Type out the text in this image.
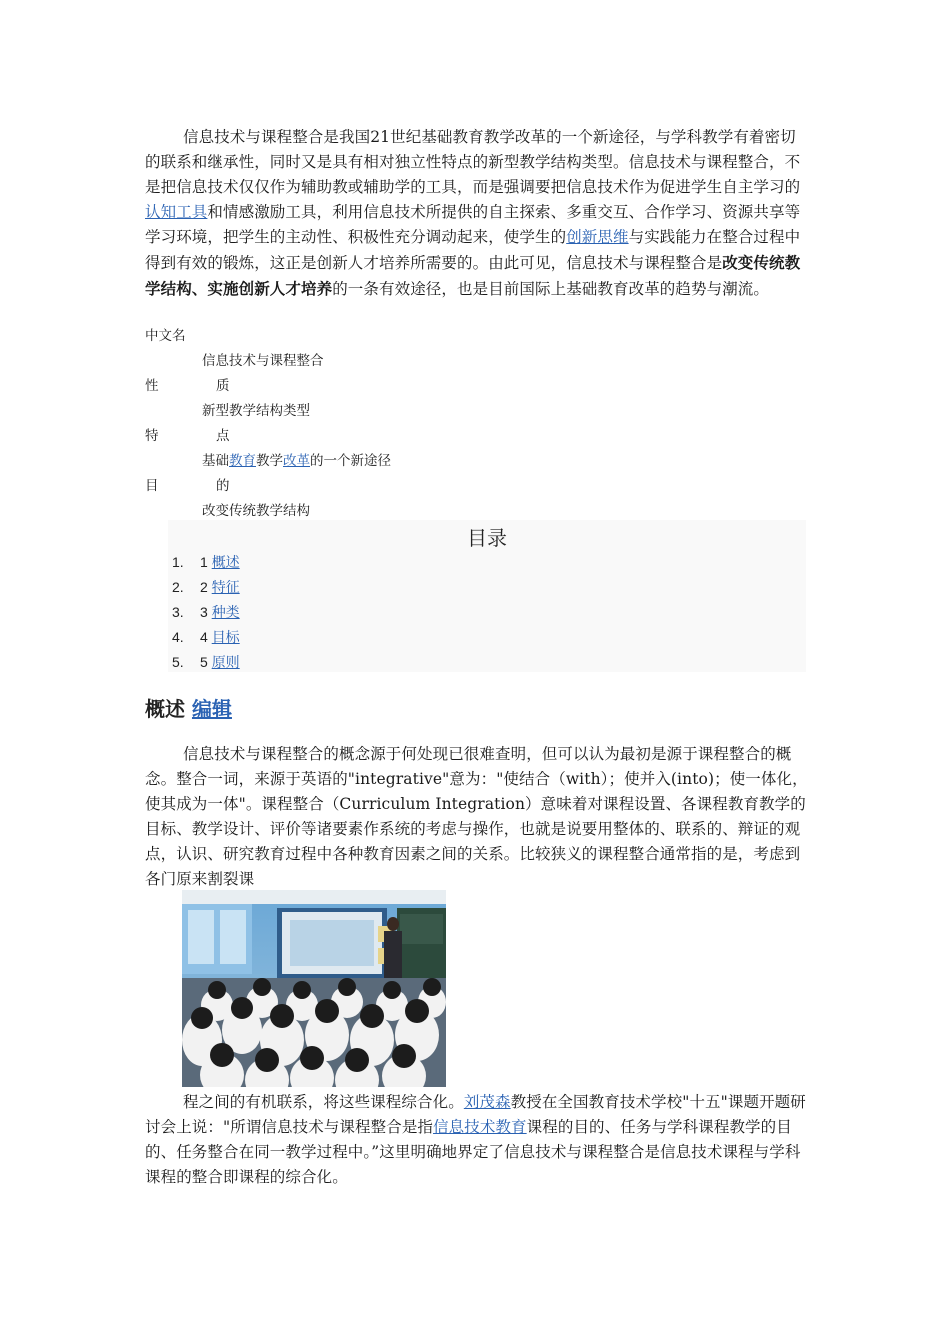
信息技术与课程整合是我国21世纪基础教育教学改革的一个新途径，与学科教学有着密切的联系和继承性，同时又是具有相对独立性特点的新型教学结构类型。信息技术与课程整合，不是把信息技术仅仅作为辅助教或辅助学的工具，而是强调要把信息技术作为促进学生自主学习的认知工具和情感激励工具，利用信息技术所提供的自主探索、多重交互、合作学习、资源共享等学习环境，把学生的主动性、积极性充分调动起来，使学生的创新思维与实践能力在整合过程中得到有效的锻炼，这正是创新人才培养所需要的。由此可见，信息技术与课程整合是改变传统教学结构、实施创新人才培养的一条有效途径，也是目前国际上基础教育改革的趋势与潮流。

中文名
信息技术与课程整合
性	质
新型教学结构类型
特	点
基础教育教学改革的一个新途径
目	的
改变传统教学结构
目录
1. 1 概述
2. 2 特征
3. 3 种类
4. 4 目标
5. 5 原则
概述 编辑

信息技术与课程整合的概念源于何处现已很难查明，但可以认为最初是源于课程整合的概念。整合一词，来源于英语的"integrative"意为："使结合（with）；使并入(into)；使一体化，使其成为一体"。课程整合（Curriculum Integration）意味着对课程设置、各课程教育教学的目标、教学设计、评价等诸要素作系统的考虑与操作，也就是说要用整体的、联系的、辩证的观点，认识、研究教育过程中各种教育因素之间的关系。比较狭义的课程整合通常指的是，考虑到各门原来割裂课

程之间的有机联系，将这些课程综合化。刘茂森教授在全国教育技术学校"十五"课题开题研讨会上说："所谓信息技术与课程整合是指信息技术教育课程的目的、任务与学科课程教学的目的、任务整合在同一教学过程中。”这里明确地界定了信息技术与课程整合是信息技术课程与学科课程的整合即课程的综合化。
